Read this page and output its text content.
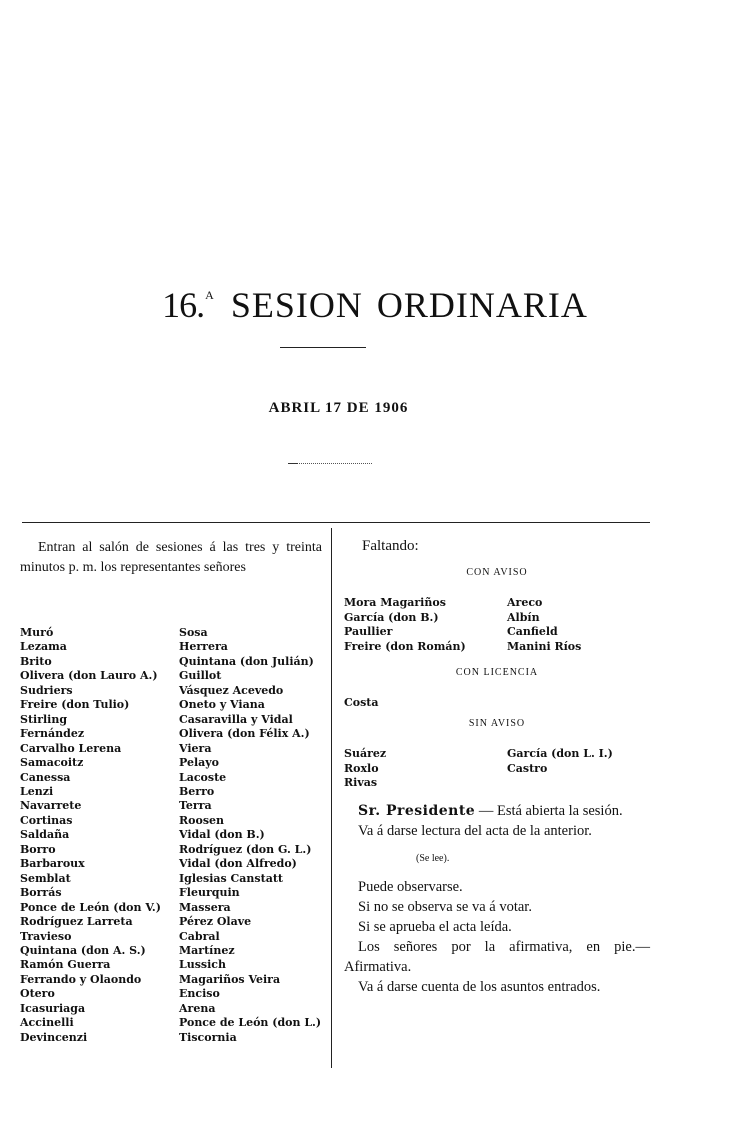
16.$^A$ SESION ORDINARIA
ABRIL 17 DE 1906

Entran al salón de sesiones á las tres y treinta minutos p. m. los representantes señores

Muró
Lezama
Brito
Olivera (don Lauro A.)
Sudriers
Freire (don Tulio)
Stirling
Fernández
Carvalho Lerena
Samacoitz
Canessa
Lenzi
Navarrete
Cortinas
Saldaña
Borro
Barbaroux
Semblat
Borrás
Ponce de León (don V.)
Rodríguez Larreta
Travieso
Quintana (don A. S.)
Ramón Guerra
Ferrando y Olaondo
Otero
Icasuriaga
Accinelli
Devincenzi
Sosa
Herrera
Quintana (don Julián)
Guillot
Vásquez Acevedo
Oneto y Viana
Casaravilla y Vidal
Olivera (don Félix A.)
Viera
Pelayo
Lacoste
Berro
Terra
Roosen
Vidal (don B.)
Rodríguez (don G. L.)
Vidal (don Alfredo)
Iglesias Canstatt
Fleurquin
Massera
Pérez Olave
Cabral
Martínez
Lussich
Magariños Veira
Enciso
Arena
Ponce de León (don L.)
Tiscornia

Faltando:

CON AVISO
Mora Magariños
García (don B.)
Paullier
Freire (don Román)
Areco
Albín
Canfield
Manini Ríos
CON LICENCIA
Costa
SIN AVISO
Suárez
Roxlo
Rivas
García (don L. I.)
Castro

Sr. Presidente — Está abierta la sesión.

Va á darse lectura del acta de la anterior.

(Se lee).

Puede observarse.

Si no se observa se va á votar.

Si se aprueba el acta leída.

Los señores por la afirmativa, en pie.— Afirmativa.

Va á darse cuenta de los asuntos entrados.
